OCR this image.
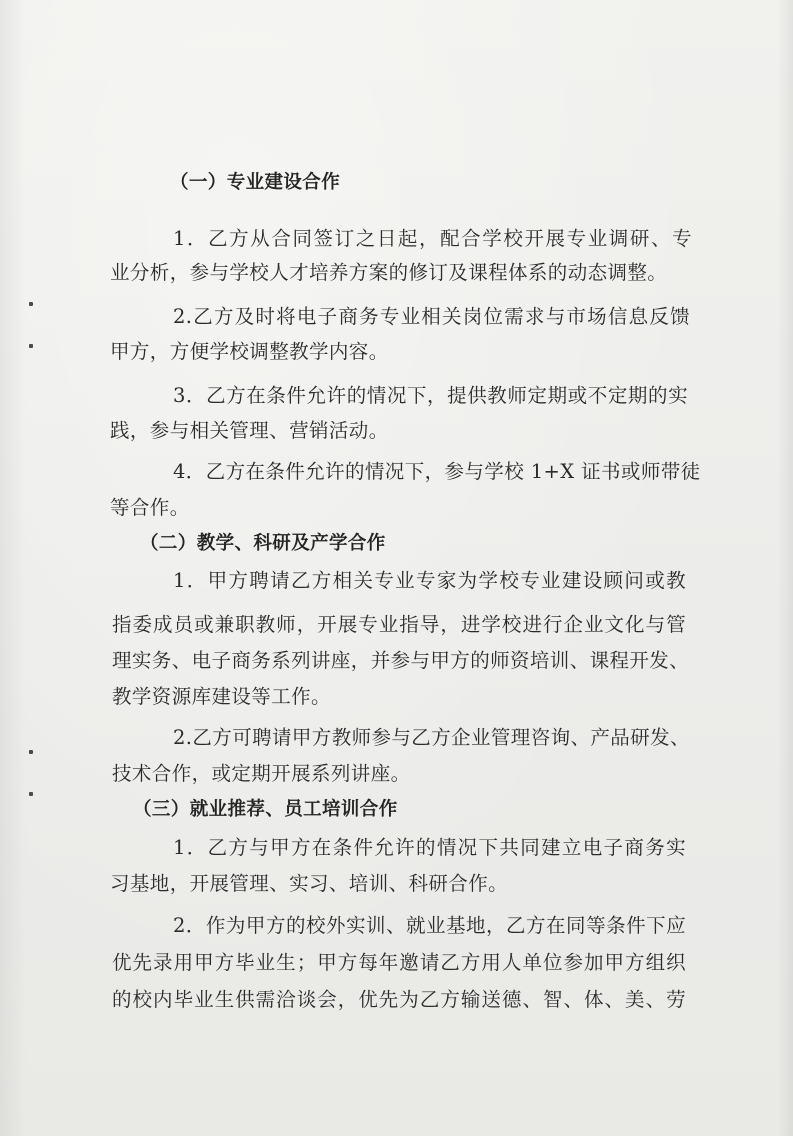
（一）专业建设合作
1．乙方从合同签订之日起，配合学校开展专业调研、专
业分析，参与学校人才培养方案的修订及课程体系的动态调整。
2.乙方及时将电子商务专业相关岗位需求与市场信息反馈
甲方，方便学校调整教学内容。
3．乙方在条件允许的情况下，提供教师定期或不定期的实
践，参与相关管理、营销活动。
4．乙方在条件允许的情况下，参与学校 1+X 证书或师带徒
等合作。
（二）教学、科研及产学合作
1．甲方聘请乙方相关专业专家为学校专业建设顾问或教
指委成员或兼职教师，开展专业指导，进学校进行企业文化与管
理实务、电子商务系列讲座，并参与甲方的师资培训、课程开发、
教学资源库建设等工作。
2.乙方可聘请甲方教师参与乙方企业管理咨询、产品研发、
技术合作，或定期开展系列讲座。
（三）就业推荐、员工培训合作
1．乙方与甲方在条件允许的情况下共同建立电子商务实
习基地，开展管理、实习、培训、科研合作。
2．作为甲方的校外实训、就业基地，乙方在同等条件下应
优先录用甲方毕业生；甲方每年邀请乙方用人单位参加甲方组织
的校内毕业生供需洽谈会，优先为乙方输送德、智、体、美、劳
